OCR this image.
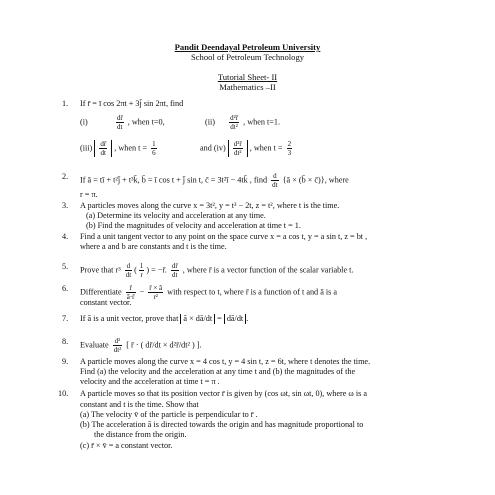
Pandit Deendayal Petroleum University
School of Petroleum Technology
Tutorial Sheet- II
Mathematics –II
1. If r̄ = ī cos 2πt + 3j̄ sin 2πt, find
(i)	$\frac{dr̄}{dt}$ , when t=0,	$(ii) \frac{\text{d²r̄}}{\text{dt²}}$ , when t=1.
$(iii) \frac{dr̄}{dt}$ , when $t = \frac{1}{6}$	and $(iv) \frac{\text{d²r̄}}{\text{dt²}}$ , when $t = \frac{2}{3}$
2. If ā = tī + t²j̄ + t³k̄, b̄ = ī cos t + j̄ sin t, c̄ = 3t²ī − 4tk̄ , find $\frac{d}{dt}$ {ā × (b̄ × c̄)}, where
r = π.
3. A particles moves along the curve x = 3t², y = t³ − 2t, z = t², where t is the time.
(a) Determine its velocity and acceleration at any time.
(b) Find the magnitudes of velocity and acceleration at time t = 1.
4. Find a unit tangent vector to any point on the space curve x = a cos t, y = a sin t, z = bt ,
where a and b are constants and t is the time.
5. Prove that $r^3 \frac{d}{dt}$ ( $\frac{1}{r}$ ) = −r̄. $\frac{dr̄}{dt}$ , where r̄ is a vector function of the scalar variable t.
6. Differentiate $\frac{r̄}{ā\cdot r̄} - \frac{r̄ \times ā}{\text{r²}}$ with respect to t, where r̄ is a function of t and ā is a
constant vector.
7. If ā is a unit vector, prove that ā × dā/dt = dā/dt .
8. Evaluate $\frac{\text{d²}}{\text{dt²}}$ [ r̄ · ( dr̄/dt × d²r̄/dt² ) ].
9. A particle moves along the curve x = 4 cos t, y = 4 sin t, z = 6t, where t denotes the time.
Find (a) the velocity and the acceleration at any time t and (b) the magnitudes of the
velocity and the acceleration at time t = π .
10. A particle moves so that its position vector r̄ is given by (cos ωt, sin ωt, 0), where ω is a
constant and t is the time. Show that
(a) The velocity v̄ of the particle is perpendicular to r̄ .
(b) The acceleration ā is directed towards the origin and has magnitude proportional to
the distance from the origin.
(c) r̄ × v̄ = a constant vector.
